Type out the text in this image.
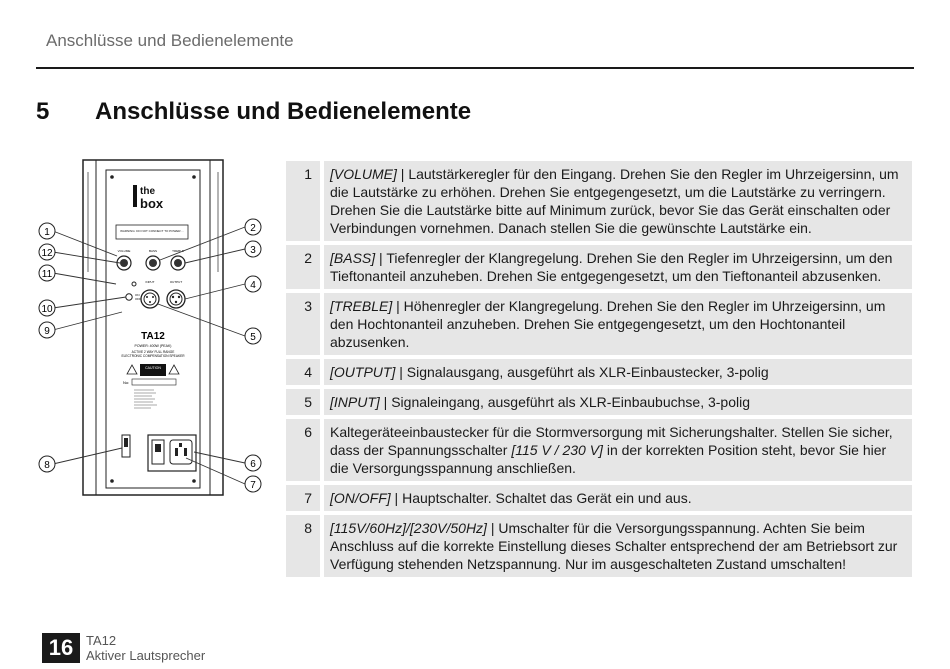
Anschlüsse und Bedienelemente
5	Anschlüsse und Bedienelemente
the
box
WARNING: DO NOT CONNECT TO POWER ...
VOLUME	BASS	TREBLE
ON
OFF
INPUT	OUTPUT
TA12
POWER: 400W (PEAK)
ACTIVE 2 WAY FULL RANGE
ELECTRONIC COMPENSATION SPEAKER
CAUTION
No:
12
1
11
10
9
8
2
3
4
5
6
7
1	[VOLUME] | Lautstärkeregler für den Eingang. Drehen Sie den Regler im Uhrzeigersinn, um die Lautstärke zu erhöhen. Drehen Sie entgegengesetzt, um die Lautstärke zu verringern. Drehen Sie die Lautstärke bitte auf Minimum zurück, bevor Sie das Gerät einschalten oder Verbindungen vornehmen. Danach stellen Sie die gewünschte Lautstärke ein.
2	[BASS] | Tiefenregler der Klangregelung. Drehen Sie den Regler im Uhrzeigersinn, um den Tieftonanteil anzuheben. Drehen Sie entgegengesetzt, um den Tieftonanteil abzusenken.
3	[TREBLE] | Höhenregler der Klangregelung. Drehen Sie den Regler im Uhrzeigersinn, um den Hochtonanteil anzuheben. Drehen Sie entgegengesetzt, um den Hochtonanteil abzusenken.
4	[OUTPUT] | Signalausgang, ausgeführt als XLR-Einbaustecker, 3-polig
5	[INPUT] | Signaleingang, ausgeführt als XLR-Einbaubuchse, 3-polig
6	Kaltegeräteeinbaustecker für die Stormversorgung mit Sicherungshalter. Stellen Sie sicher, dass der Spannungsschalter [115 V / 230 V] in der korrekten Position steht, bevor Sie hier die Versorgungsspannung anschließen.
7	[ON/OFF] | Hauptschalter. Schaltet das Gerät ein und aus.
8	[115V/60Hz]/[230V/50Hz] | Umschalter für die Versorgungsspannung. Achten Sie beim Anschluss auf die korrekte Einstellung dieses Schalter entsprechend der am Betriebsort zur Verfügung stehenden Netzspannung. Nur im ausgeschalteten Zustand umschalten!
16 TA12
Aktiver Lautsprecher
